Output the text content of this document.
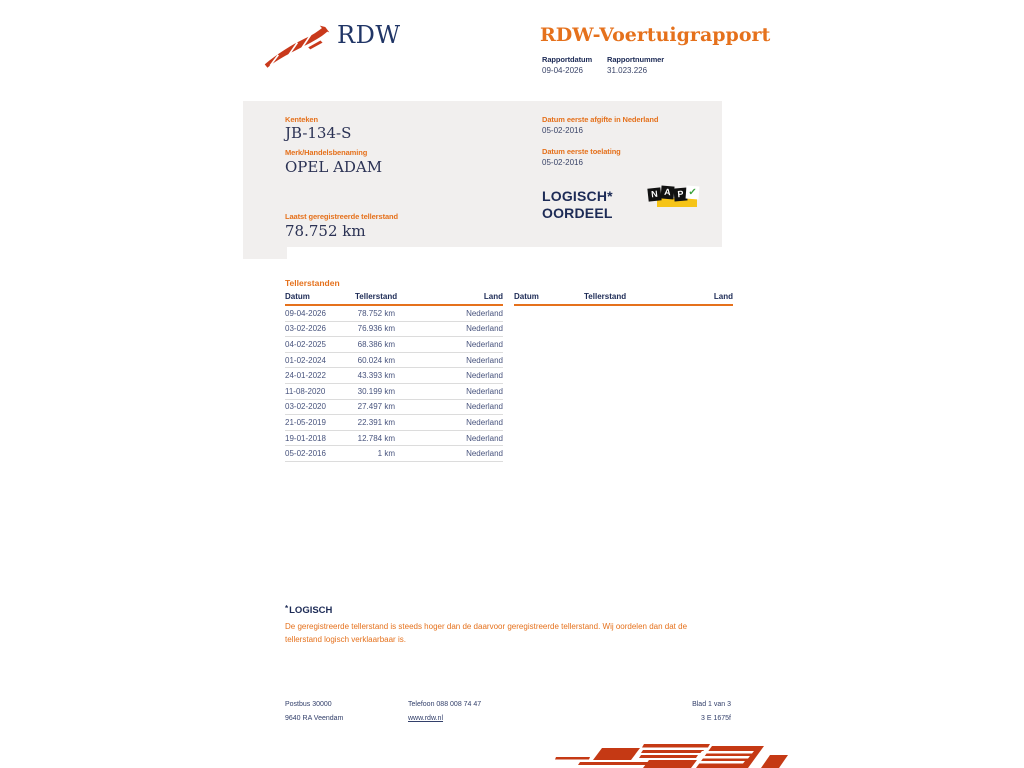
RDW	RDW-Voertuigrapport
Rapportdatum
09-04-2026
Rapportnummer
31.023.226
Kenteken
JB-134-S
Merk/Handelsbenaming
OPEL ADAM
Laatst geregistreerde tellerstand
78.752 km
Datum eerste afgifte in Nederland
05-02-2016
Datum eerste toelating
05-02-2016
LOGISCH*
OORDEEL
N A P ✓
Tellerstanden
Datum	Tellerstand	Land
09-04-2026	78.752 km	Nederland
03-02-2026	76.936 km	Nederland
04-02-2025	68.386 km	Nederland
01-02-2024	60.024 km	Nederland
24-01-2022	43.393 km	Nederland
11-08-2020	30.199 km	Nederland
03-02-2020	27.497 km	Nederland
21-05-2019	22.391 km	Nederland
19-01-2018	12.784 km	Nederland
05-02-2016	1 km	Nederland
Datum	Tellerstand	Land
*LOGISCH
De geregistreerde tellerstand is steeds hoger dan de daarvoor geregistreerde tellerstand. Wij oordelen dan dat de tellerstand logisch verklaarbaar is.
Postbus 30000
9640 RA Veendam
Telefoon 088 008 74 47
www.rdw.nl
Blad 1 van 3
3 E 1675f
